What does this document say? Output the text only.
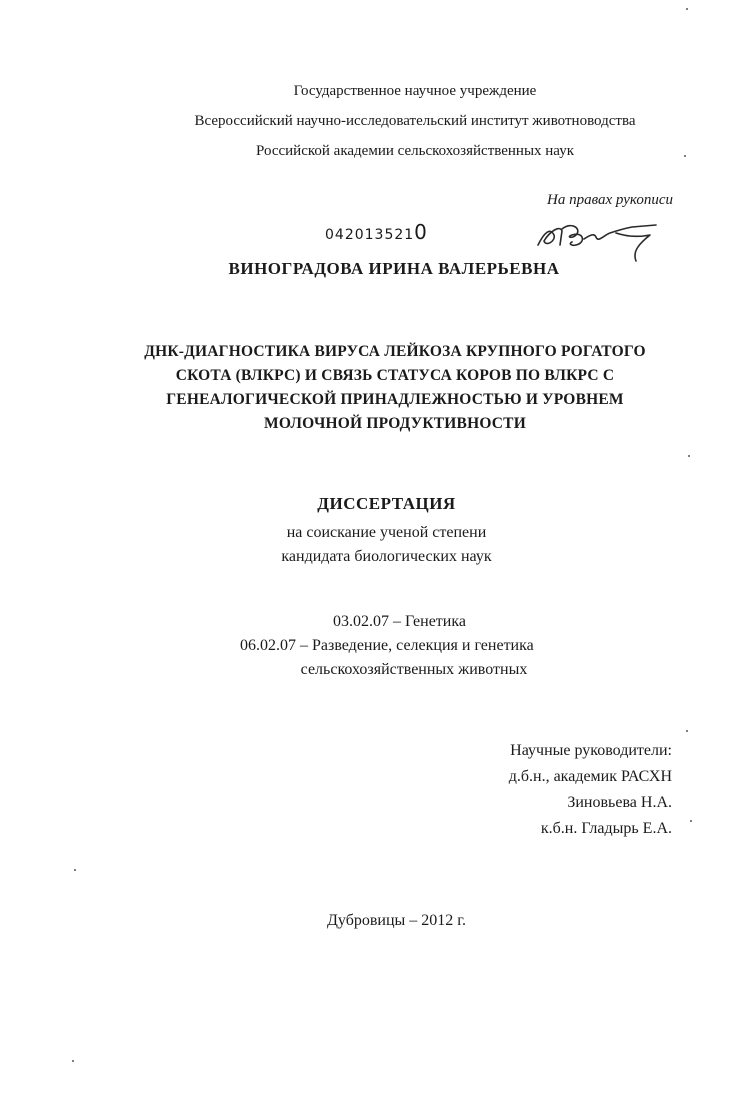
Государственное научное учреждение
Всероссийский научно-исследовательский институт животноводства
Российской академии сельскохозяйственных наук
На правах рукописи
0420135210
ВИНОГРАДОВА ИРИНА ВАЛЕРЬЕВНА
ДНК-ДИАГНОСТИКА ВИРУСА ЛЕЙКОЗА КРУПНОГО РОГАТОГО
СКОТА (ВЛКРС) И СВЯЗЬ СТАТУСА КОРОВ ПО ВЛКРС С
ГЕНЕАЛОГИЧЕСКОЙ ПРИНАДЛЕЖНОСТЬЮ И УРОВНЕМ
МОЛОЧНОЙ ПРОДУКТИВНОСТИ
ДИССЕРТАЦИЯ
на соискание ученой степени
кандидата биологических наук
03.02.07 – Генетика
06.02.07 – Разведение, селекция и генетика
сельскохозяйственных животных
Научные руководители:
д.б.н., академик РАСХН
Зиновьева Н.А.
к.б.н. Гладырь Е.А.
Дубровицы – 2012 г.
